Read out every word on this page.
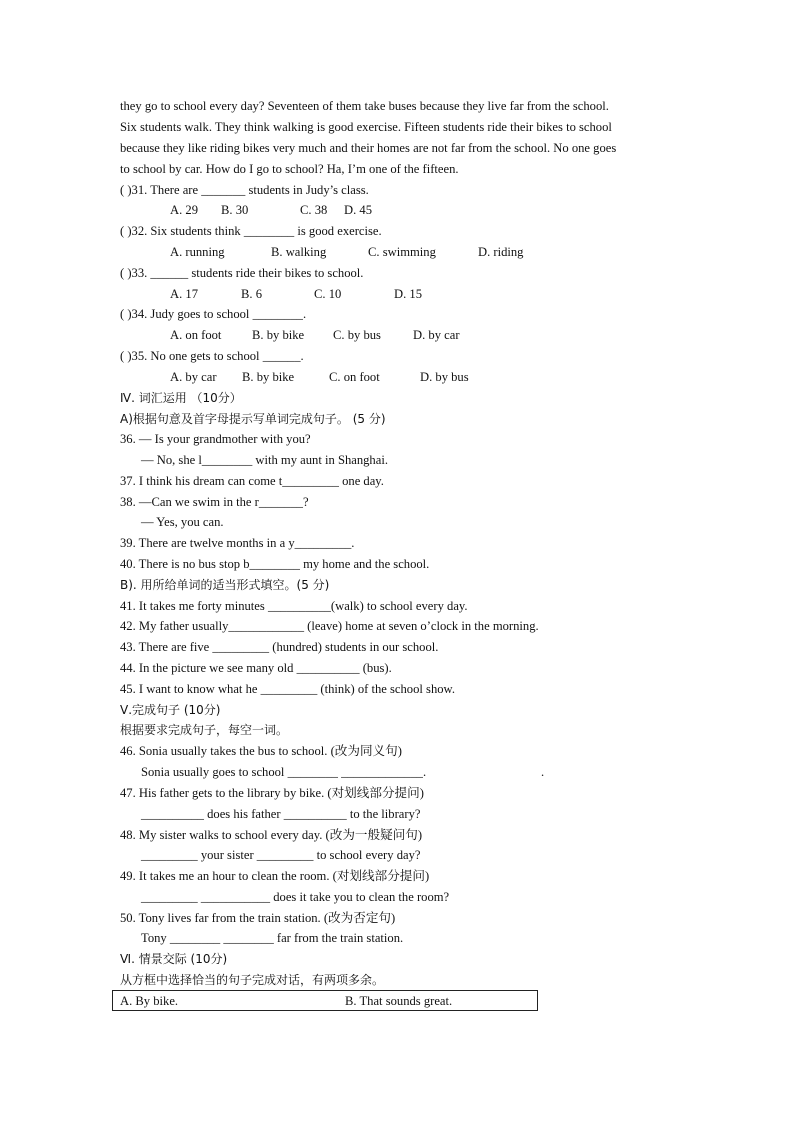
they go to school every day? Seventeen of them take buses because they live far from the school.
Six students walk. They think walking is good exercise. Fifteen students ride their bikes to school
because they like riding bikes very much and their homes are not far from the school. No one goes
to school by car. How do I go to school? Ha, I’m one of the fifteen.
( )31. There are _______ students in Judy’s class.
A. 29 B. 30	C. 38 D. 45
( )32. Six students think ________ is good exercise.
A. running	B. walking	C. swimming	D. riding
( )33. ______ students ride their bikes to school.
A. 17	B. 6	C. 10	D. 15
( )34. Judy goes to school ________.
A. on foot B. by bike C. by bus	D. by car
( )35. No one gets to school ______.
A. by car B. by bike	C. on foot	D. by bus
Ⅳ. 词汇运用 （10分）
A)根据句意及首字母提示写单词完成句子。 (5 分)
36. — Is your grandmother with you?
— No, she l________ with my aunt in Shanghai.
37. I think his dream can come t_________ one day.
38. —Can we swim in the r_______?
— Yes, you can.
39. There are twelve months in a y_________.
40. There is no bus stop b________ my home and the school.
B). 用所给单词的适当形式填空。(5 分)
41. It takes me forty minutes __________(walk) to school every day.
42. My father usually____________ (leave) home at seven o’clock in the morning.
43. There are five _________ (hundred) students in our school.
44. In the picture we see many old __________ (bus).
45. I want to know what he _________ (think) of the school show.
Ⅴ.完成句子 (10分)
根据要求完成句子，每空一词。
46. Sonia usually takes the bus to school. (改为同义句)
Sonia usually goes to school ________ _____________.	.
47. His father gets to the library by bike. (对划线部分提问)
__________ does his father __________ to the library?
48. My sister walks to school every day. (改为一般疑问句)
_________ your sister _________ to school every day?
49. It takes me an hour to clean the room. (对划线部分提问)
_________ ___________ does it take you to clean the room?
50. Tony lives far from the train station. (改为否定句)
Tony ________ ________ far from the train station.
Ⅵ. 情景交际 (10分)
从方框中选择恰当的句子完成对话，有两项多余。
A. By bike.	B. That sounds great.
